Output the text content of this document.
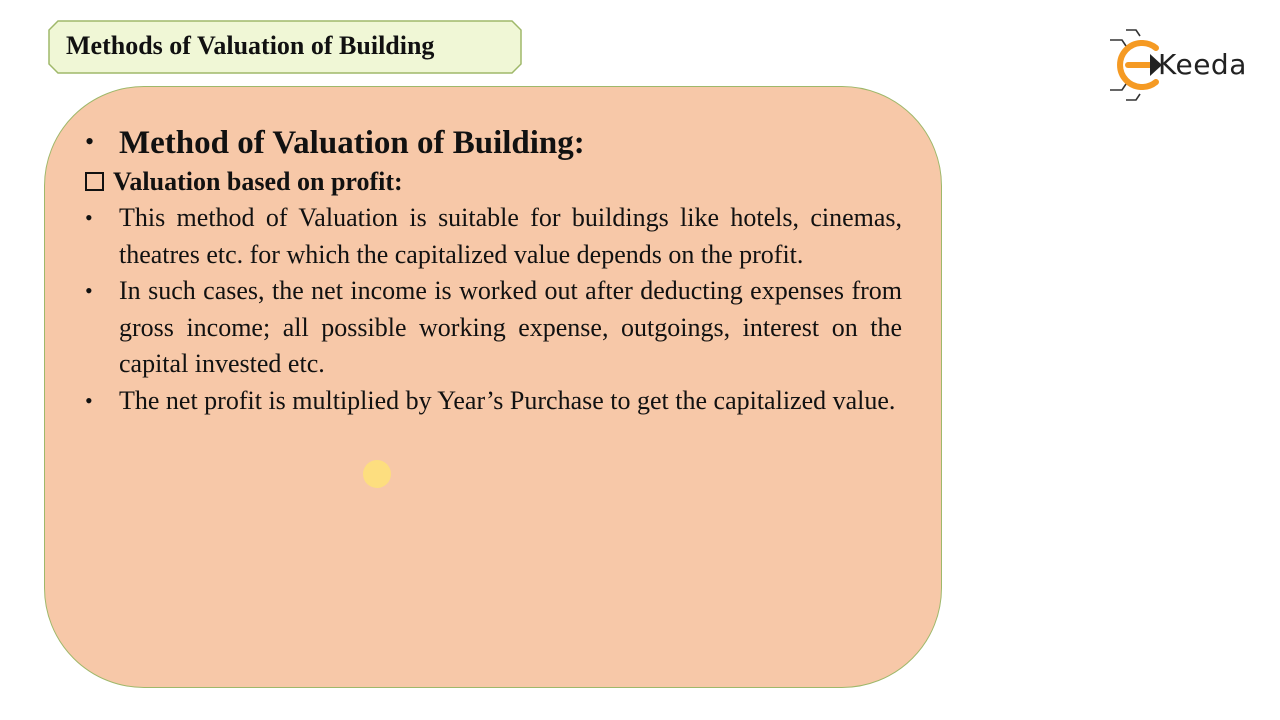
Methods of Valuation of Building
Keeda
• Method of Valuation of Building:
Valuation based on profit:
• This method of Valuation is suitable for buildings like hotels, cinemas, theatres etc. for which the capitalized value depends on the profit.
• In such cases, the net income is worked out after deducting expenses from gross income; all possible working expense, outgoings, interest on the capital invested etc.
• The net profit is multiplied by Year’s Purchase to get the capitalized value.
